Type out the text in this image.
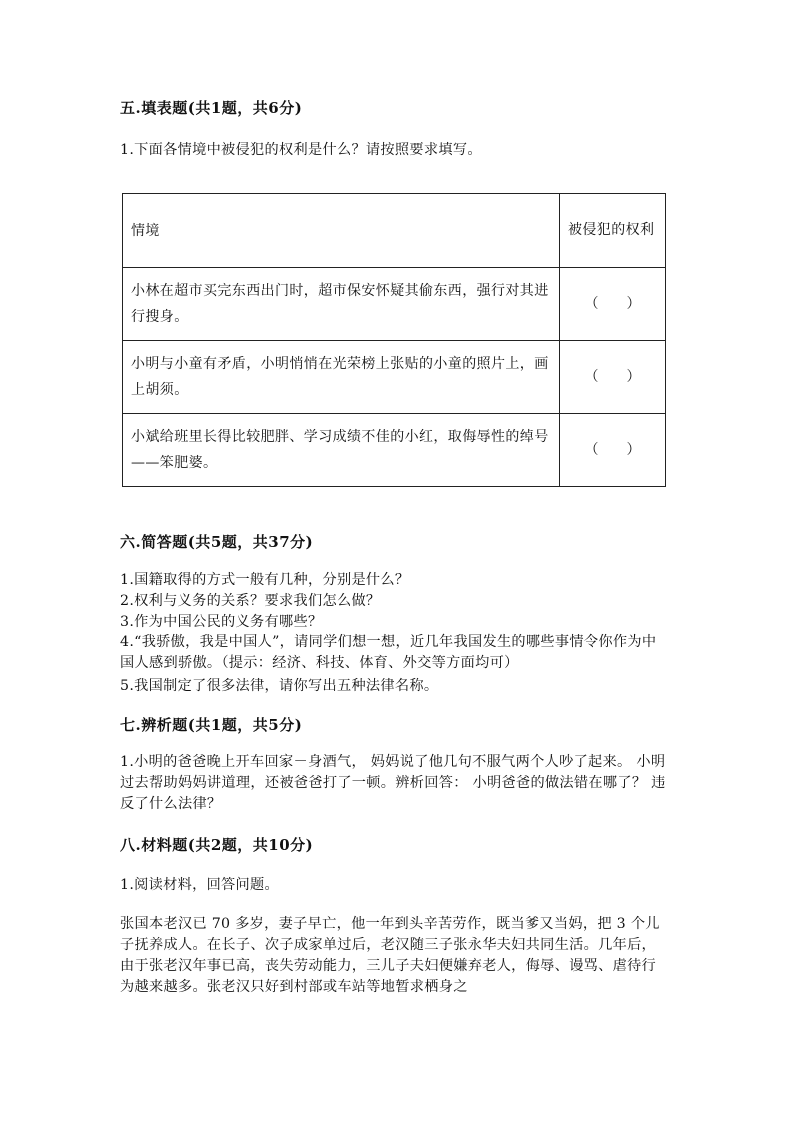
五.填表题(共1题，共6分)
1.下面各情境中被侵犯的权利是什么？请按照要求填写。
情境	被侵犯的权利
小林在超市买完东西出门时，超市保安怀疑其偷东西，强行对其进行搜身。	（ ）

小明与小童有矛盾，小明悄悄在光荣榜上张贴的小童的照片上，画上胡须。	（ ）

小斌给班里长得比较肥胖、学习成绩不佳的小红，取侮辱性的绰号——笨肥婆。	（ ）
六.简答题(共5题，共37分)
1.国籍取得的方式一般有几种，分别是什么？
2.权利与义务的关系？要求我们怎么做？
3.作为中国公民的义务有哪些？
4.“我骄傲，我是中国人”，请同学们想一想，近几年我国发生的哪些事情令你作为中国人感到骄傲。（提示：经济、科技、体育、外交等方面均可）
5.我国制定了很多法律，请你写出五种法律名称。
七.辨析题(共1题，共5分)
1.小明的爸爸晚上开车回家－身酒气， 妈妈说了他几句不服气两个人吵了起来。 小明过去帮助妈妈讲道理，还被爸爸打了一顿。辨析回答： 小明爸爸的做法错在哪了？ 违反了什么法律？
八.材料题(共2题，共10分)
1.阅读材料，回答问题。
张国本老汉已 70 多岁，妻子早亡，他一年到头辛苦劳作，既当爹又当妈，把 3 个儿子抚养成人。在长子、次子成家单过后，老汉随三子张永华夫妇共同生活。几年后，由于张老汉年事已高，丧失劳动能力，三儿子夫妇便嫌弃老人，侮辱、谩骂、虐待行为越来越多。张老汉只好到村部或车站等地暂求栖身之
